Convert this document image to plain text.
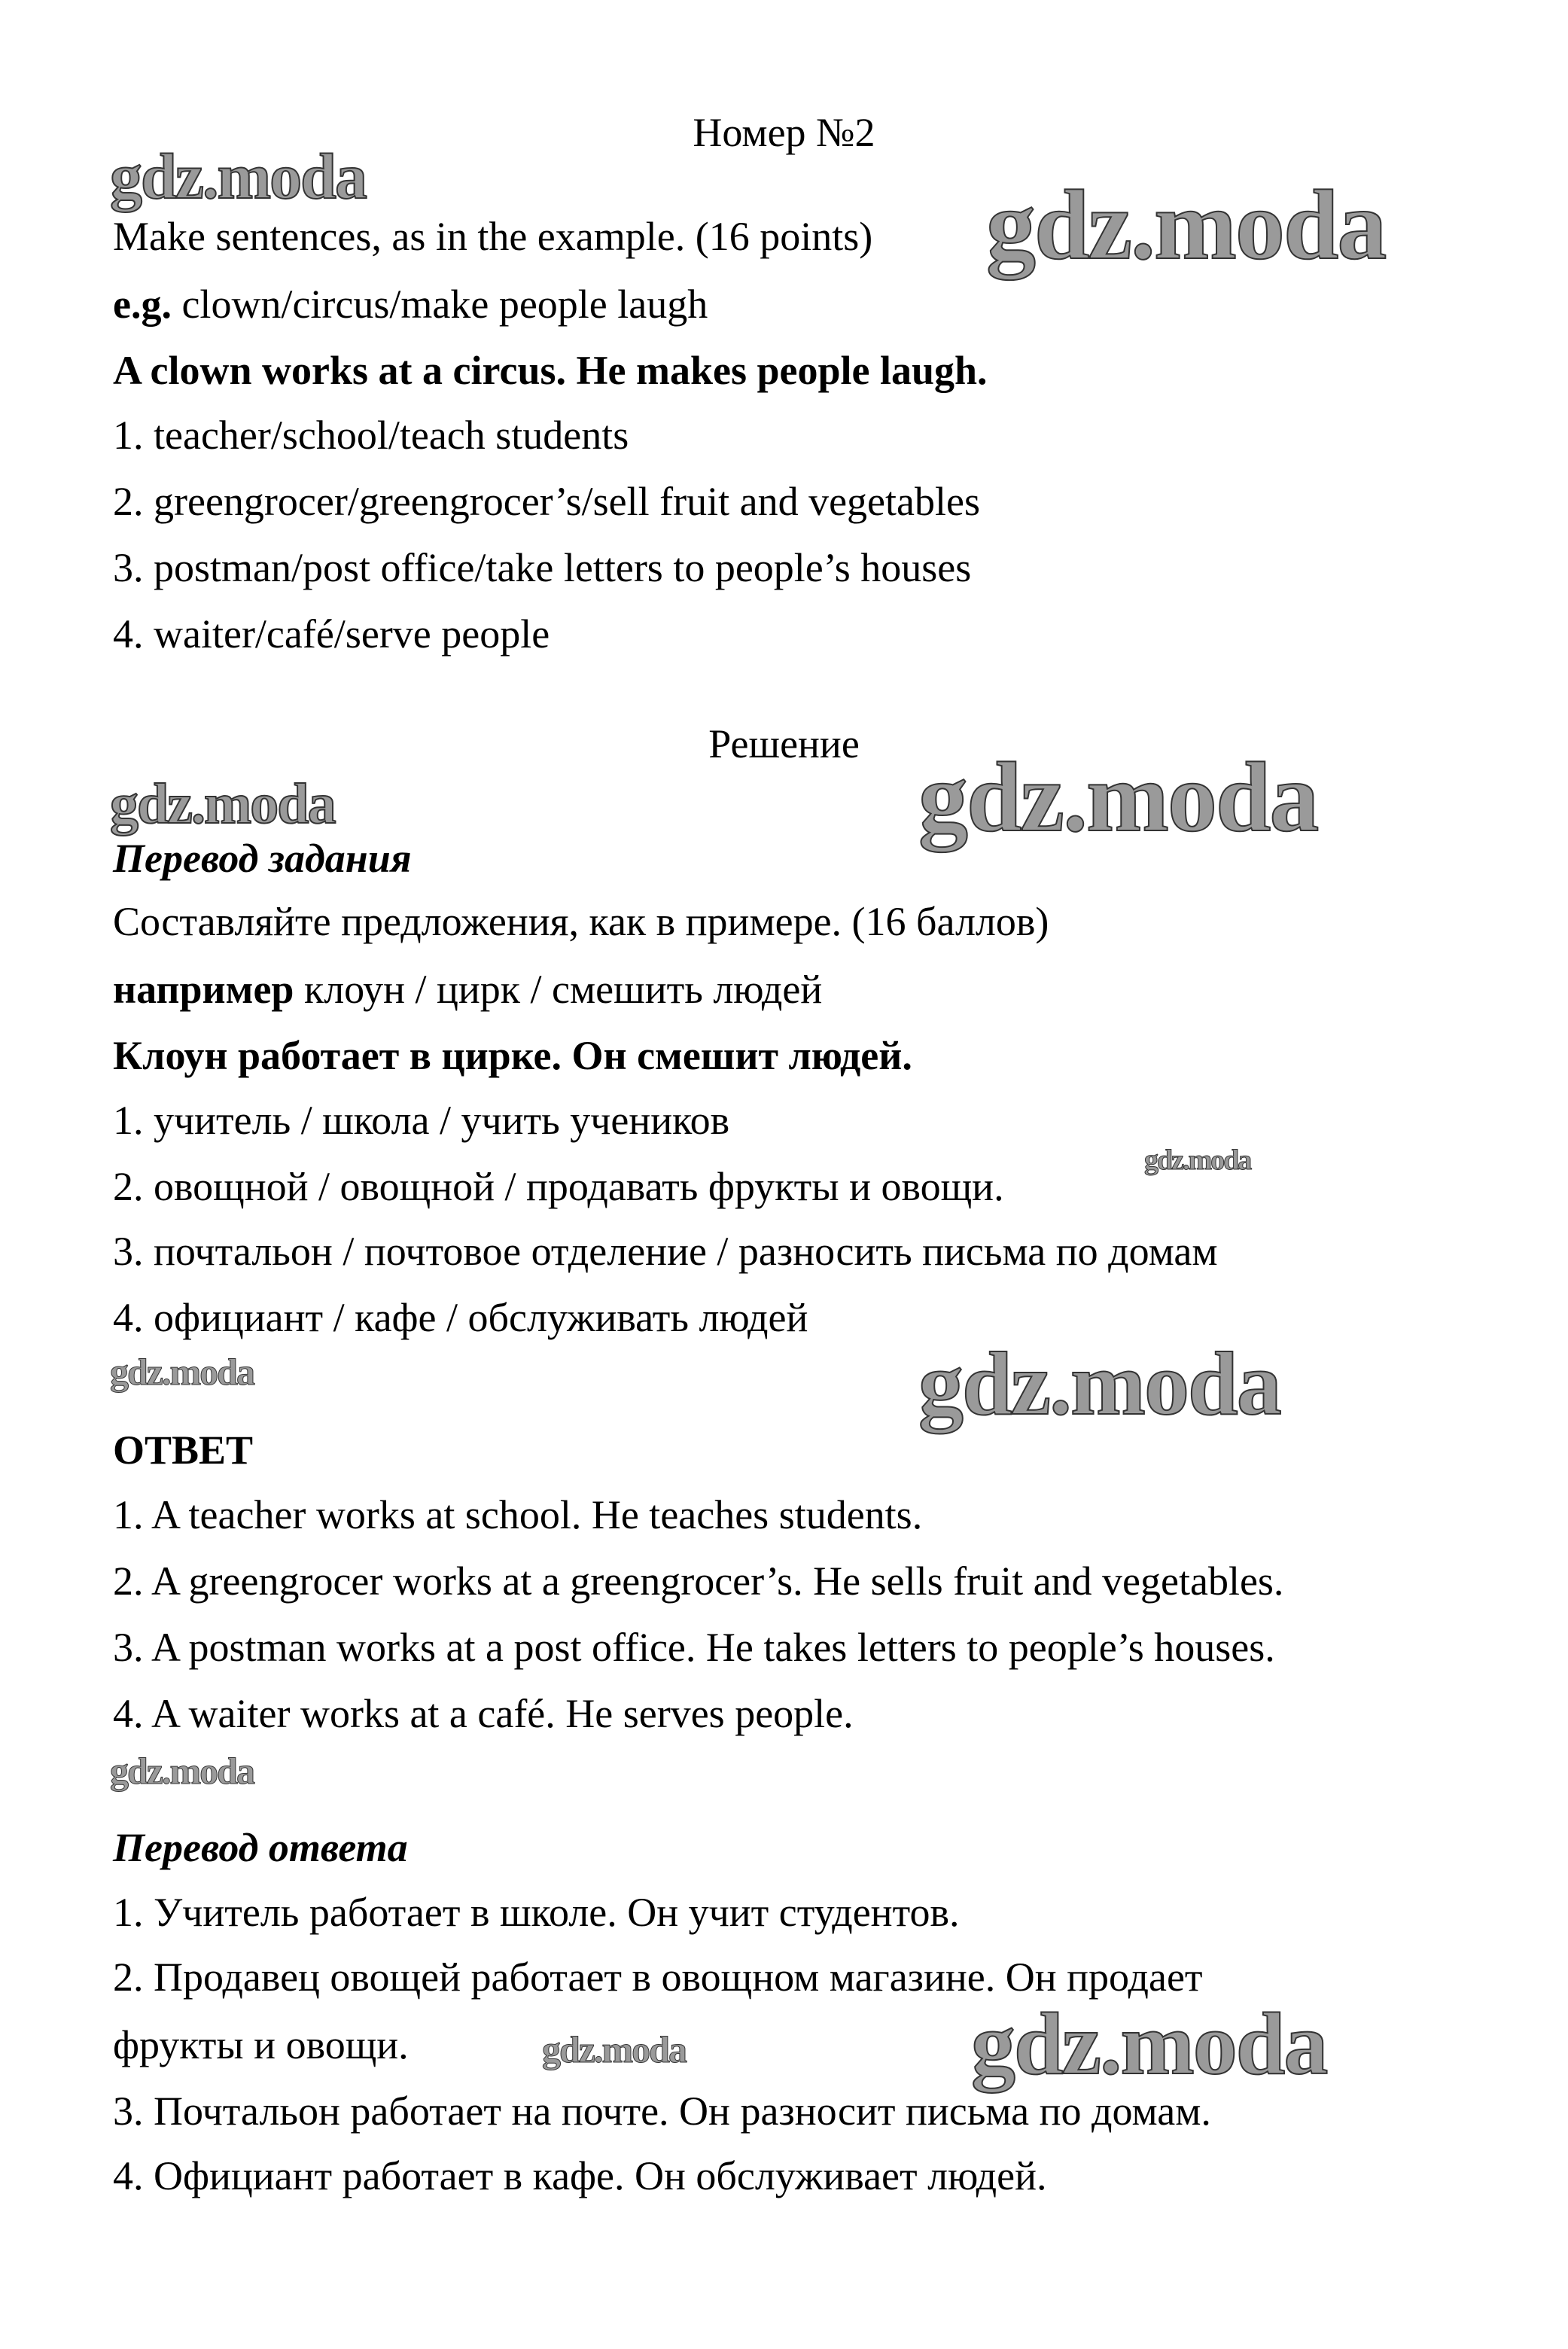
Номер №2
Make sentences, as in the example. (16 points)
e.g. clown/circus/make people laugh
A clown works at a circus. He makes people laugh.
1. teacher/school/teach students
2. greengrocer/greengrocer’s/sell fruit and vegetables
3. postman/post office/take letters to people’s houses
4. waiter/café/serve people
Решение
Перевод задания
Составляйте предложения, как в примере. (16 баллов)
например клоун / цирк / смешить людей
Клоун работает в цирке. Он смешит людей.
1. учитель / школа / учить учеников
2. овощной / овощной / продавать фрукты и овощи.
3. почтальон / почтовое отделение / разносить письма по домам
4. официант / кафе / обслуживать людей
ОТВЕТ
1. A teacher works at school. He teaches students.
2. A greengrocer works at a greengrocer’s. He sells fruit and vegetables.
3. A postman works at a post office. He takes letters to people’s houses.
4. A waiter works at a café. He serves people.
Перевод ответа
1. Учитель работает в школе. Он учит студентов.
2. Продавец овощей работает в овощном магазине. Он продает
фрукты и овощи.
3. Почтальон работает на почте. Он разносит письма по домам.
4. Официант работает в кафе. Он обслуживает людей.
gdz.moda	gdz.moda
gdz.moda
gdz.moda
gdz.moda
gdz.moda
gdz.moda
gdz.moda
gdz.moda
gdz.moda
